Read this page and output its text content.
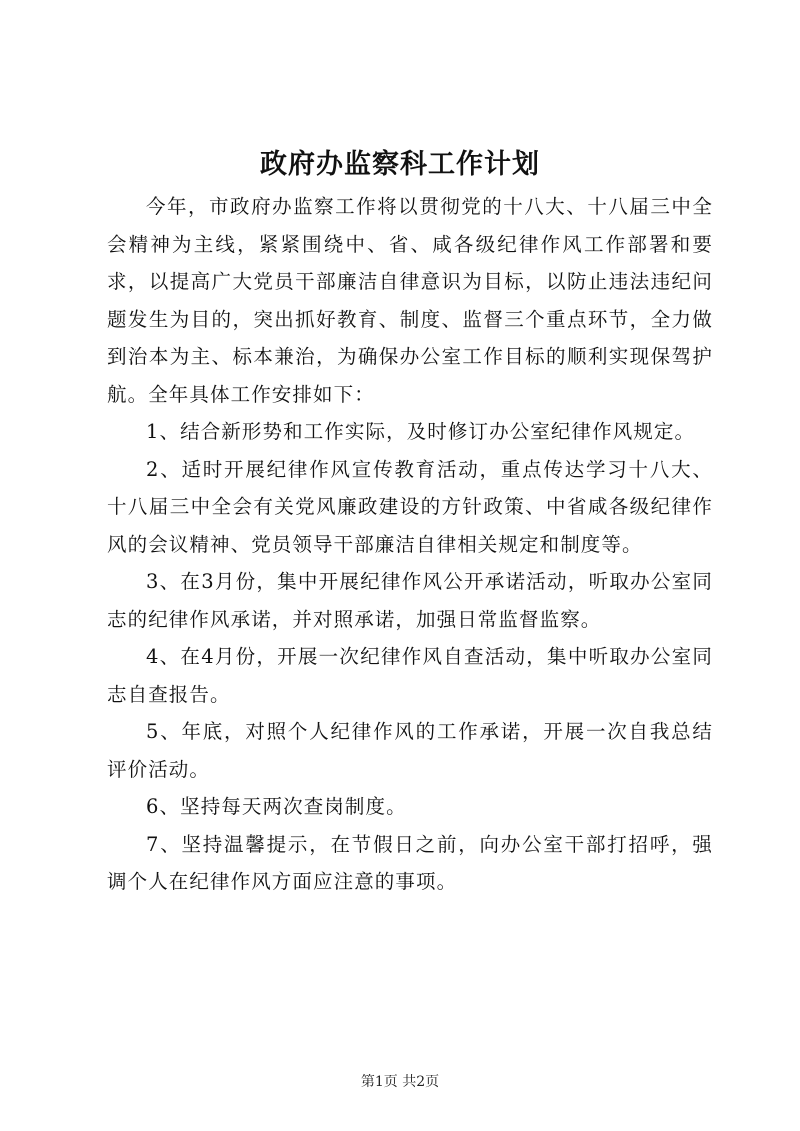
政府办监察科工作计划

今年，市政府办监察工作将以贯彻党的十八大、十八届三中全会精神为主线，紧紧围绕中、省、咸各级纪律作风工作部署和要求，以提高广大党员干部廉洁自律意识为目标，以防止违法违纪问题发生为目的，突出抓好教育、制度、监督三个重点环节，全力做到治本为主、标本兼治，为确保办公室工作目标的顺利实现保驾护航。全年具体工作安排如下：

1、结合新形势和工作实际，及时修订办公室纪律作风规定。

2、适时开展纪律作风宣传教育活动，重点传达学习十八大、十八届三中全会有关党风廉政建设的方针政策、中省咸各级纪律作风的会议精神、党员领导干部廉洁自律相关规定和制度等。

3、在3月份，集中开展纪律作风公开承诺活动，听取办公室同志的纪律作风承诺，并对照承诺，加强日常监督监察。

4、在4月份，开展一次纪律作风自查活动，集中听取办公室同志自查报告。

5、年底，对照个人纪律作风的工作承诺，开展一次自我总结评价活动。

6、坚持每天两次查岗制度。

7、坚持温馨提示，在节假日之前，向办公室干部打招呼，强调个人在纪律作风方面应注意的事项。

第1页 共2页
